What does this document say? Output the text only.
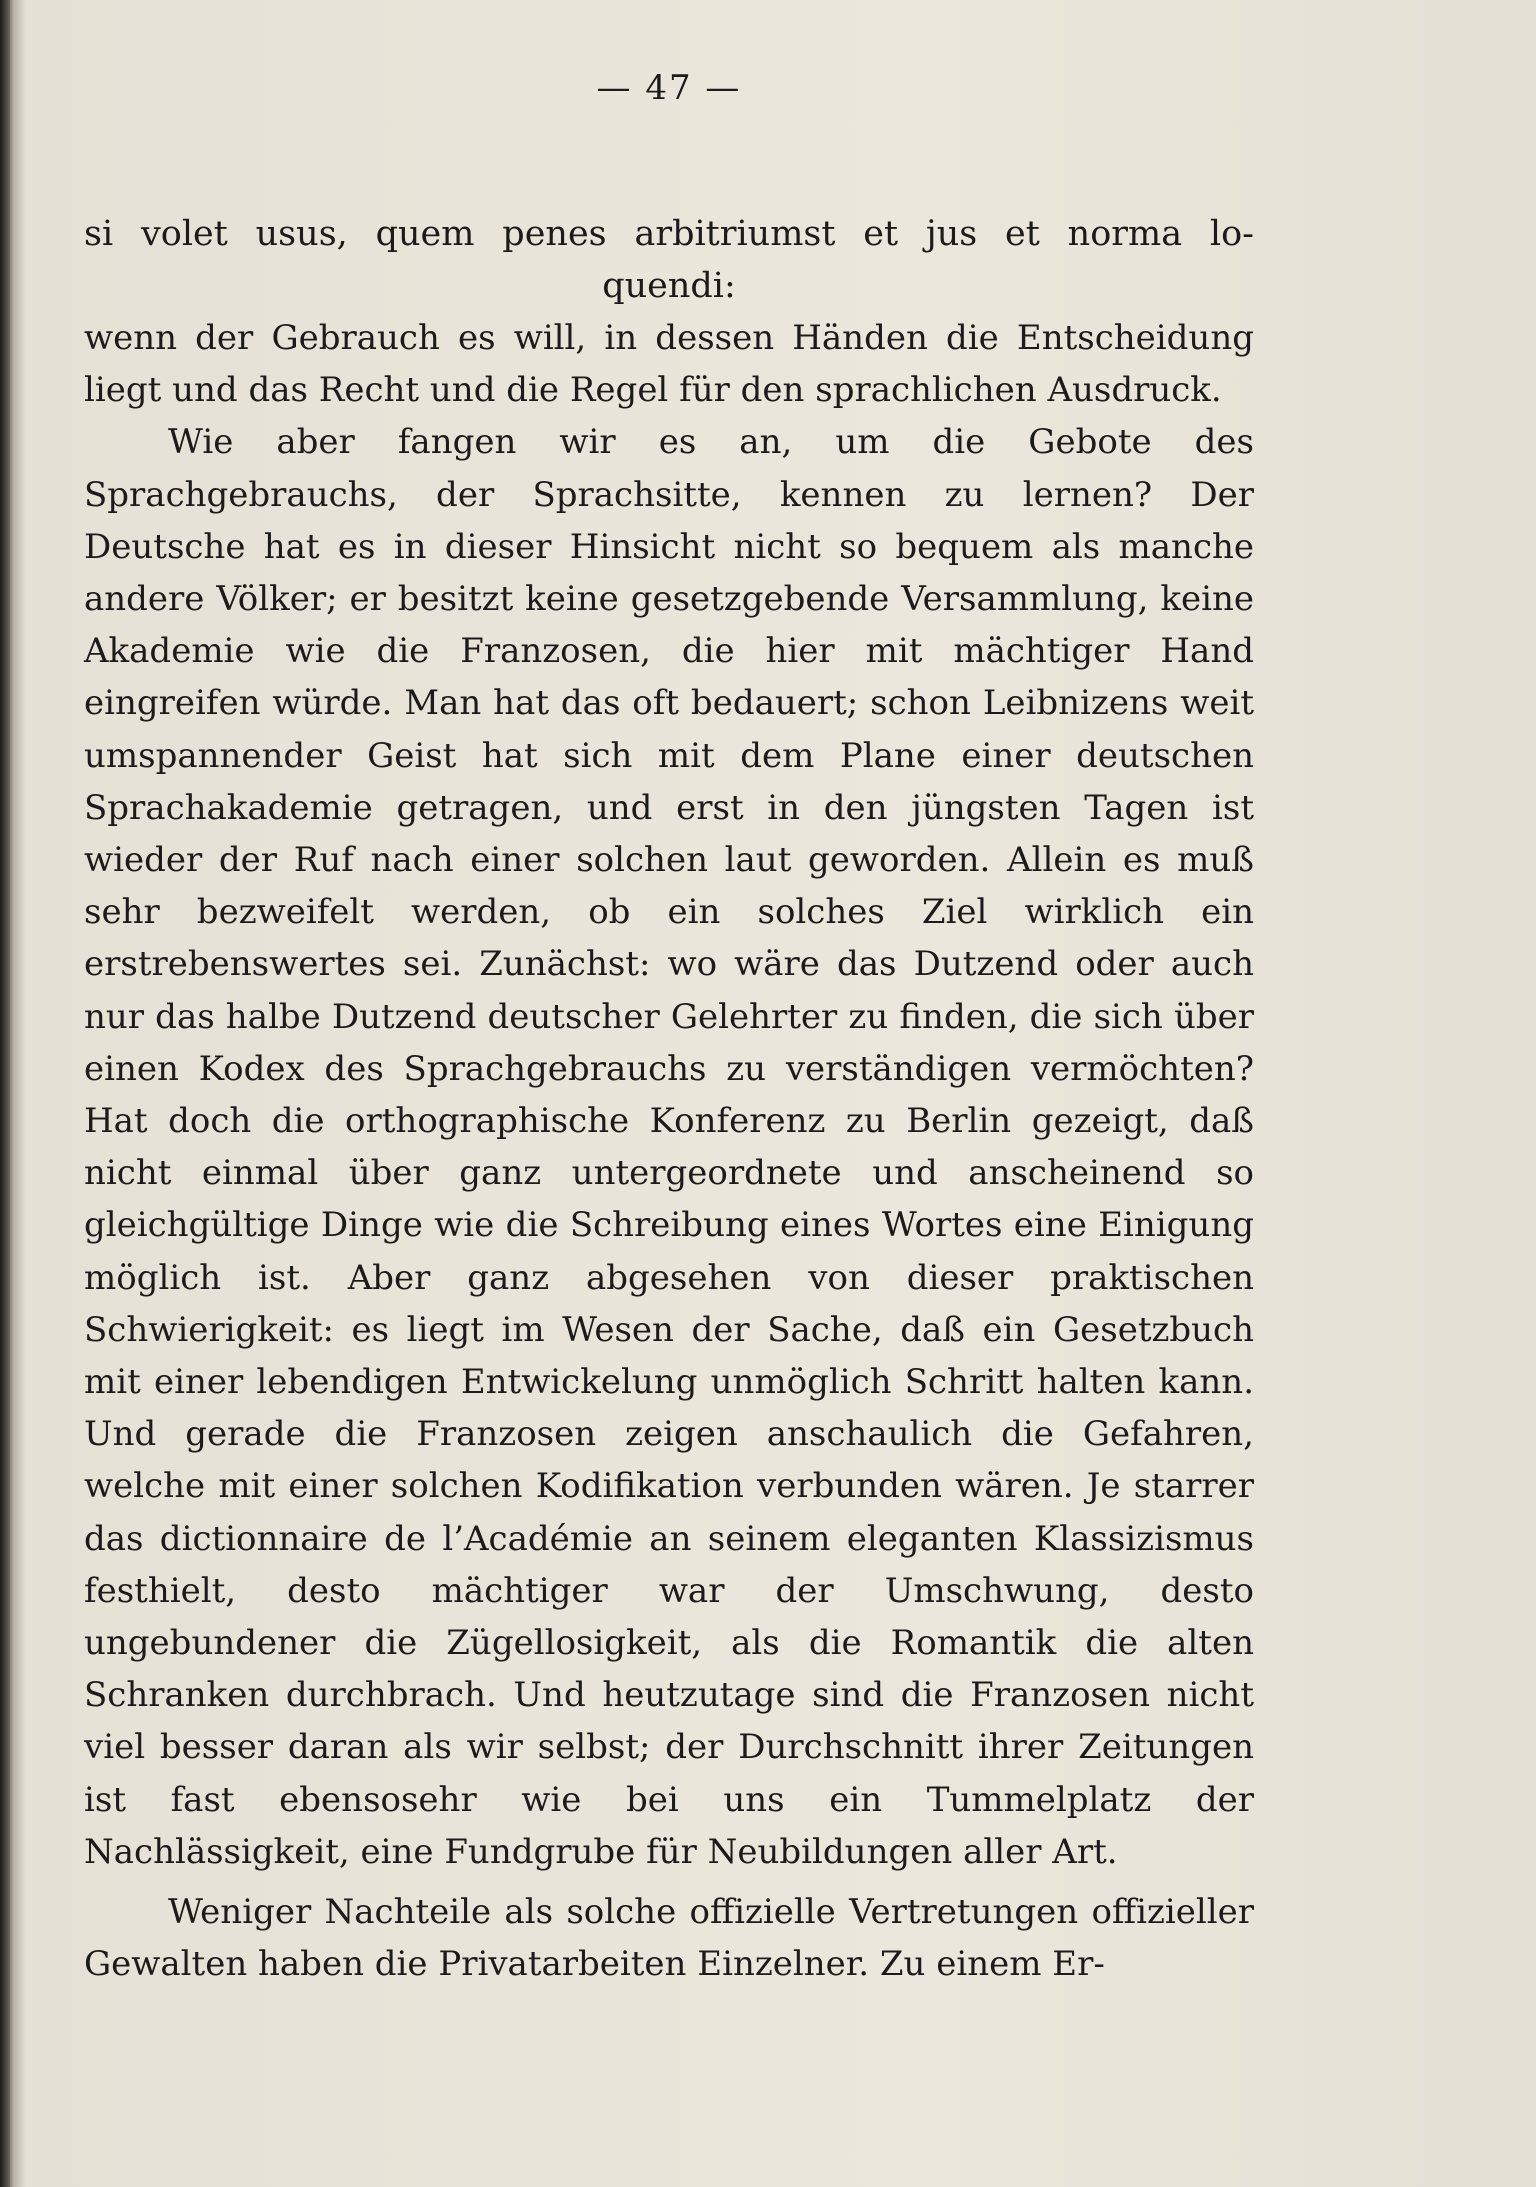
— 47 —
si volet usus, quem penes arbitriumst et jus et norma lo-
quendi:

wenn der Gebrauch es will, in dessen Händen die Entscheidung liegt und das Recht und die Regel für den sprachlichen Ausdruck.

Wie aber fangen wir es an, um die Gebote des Sprachgebrauchs, der Sprachsitte, kennen zu lernen? Der Deutsche hat es in dieser Hinsicht nicht so bequem als manche andere Völker; er besitzt keine gesetzgebende Versammlung, keine Akademie wie die Franzosen, die hier mit mächtiger Hand eingreifen würde. Man hat das oft bedauert; schon Leibnizens weit umspannender Geist hat sich mit dem Plane einer deutschen Sprachakademie getragen, und erst in den jüngsten Tagen ist wieder der Ruf nach einer solchen laut geworden. Allein es muß sehr bezweifelt werden, ob ein solches Ziel wirklich ein erstrebenswertes sei. Zunächst: wo wäre das Dutzend oder auch nur das halbe Dutzend deutscher Gelehrter zu finden, die sich über einen Kodex des Sprachgebrauchs zu verständigen vermöchten? Hat doch die orthographische Konferenz zu Berlin gezeigt, daß nicht einmal über ganz untergeordnete und anscheinend so gleichgültige Dinge wie die Schreibung eines Wortes eine Einigung möglich ist. Aber ganz abgesehen von dieser praktischen Schwierigkeit: es liegt im Wesen der Sache, daß ein Gesetzbuch mit einer lebendigen Entwickelung unmöglich Schritt halten kann. Und gerade die Franzosen zeigen anschaulich die Gefahren, welche mit einer solchen Kodifikation verbunden wären. Je starrer das dictionnaire de l’Académie an seinem eleganten Klassizismus festhielt, desto mächtiger war der Umschwung, desto ungebundener die Zügellosigkeit, als die Romantik die alten Schranken durchbrach. Und heutzutage sind die Franzosen nicht viel besser daran als wir selbst; der Durchschnitt ihrer Zeitungen ist fast ebensosehr wie bei uns ein Tummelplatz der Nachlässigkeit, eine Fundgrube für Neubildungen aller Art.

Weniger Nachteile als solche offizielle Vertretungen offizieller Gewalten haben die Privatarbeiten Einzelner. Zu einem Er-
